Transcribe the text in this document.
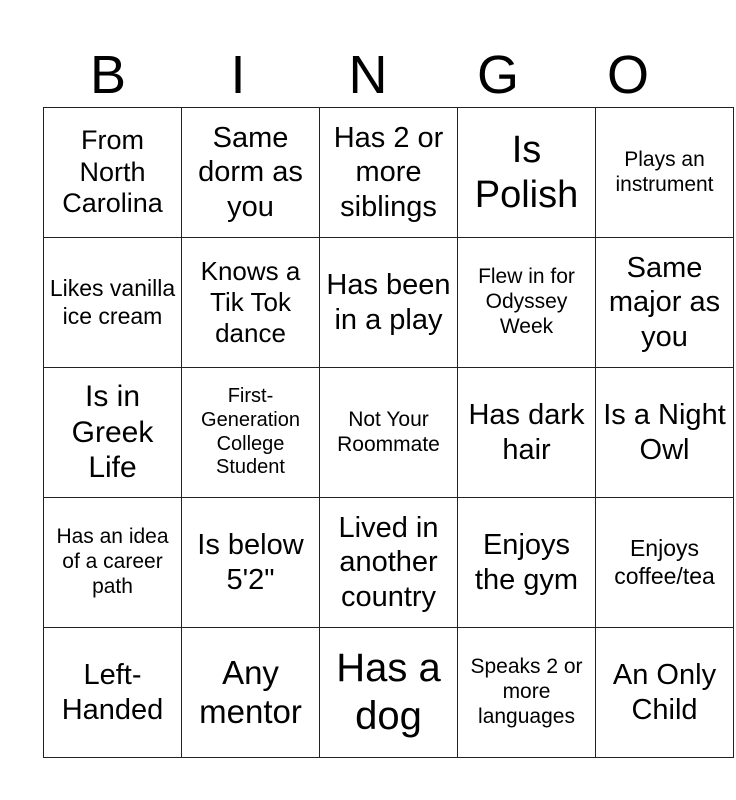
B	I	N	G	O
From North Carolina	Same dorm as you	Has 2 or more siblings	Is Polish	Plays an instrument
Likes vanilla ice cream	Knows a Tik Tok dance	Has been in a play	Flew in for Odyssey Week	Same major as you
Is in Greek Life	First-Generation College Student	Not Your Roommate	Has dark hair	Is a Night Owl
Has an idea of a career path	Is below 5'2"	Lived in another country	Enjoys the gym	Enjoys coffee/tea
Left-Handed	Any mentor	Has a dog	Speaks 2 or more languages	An Only Child
